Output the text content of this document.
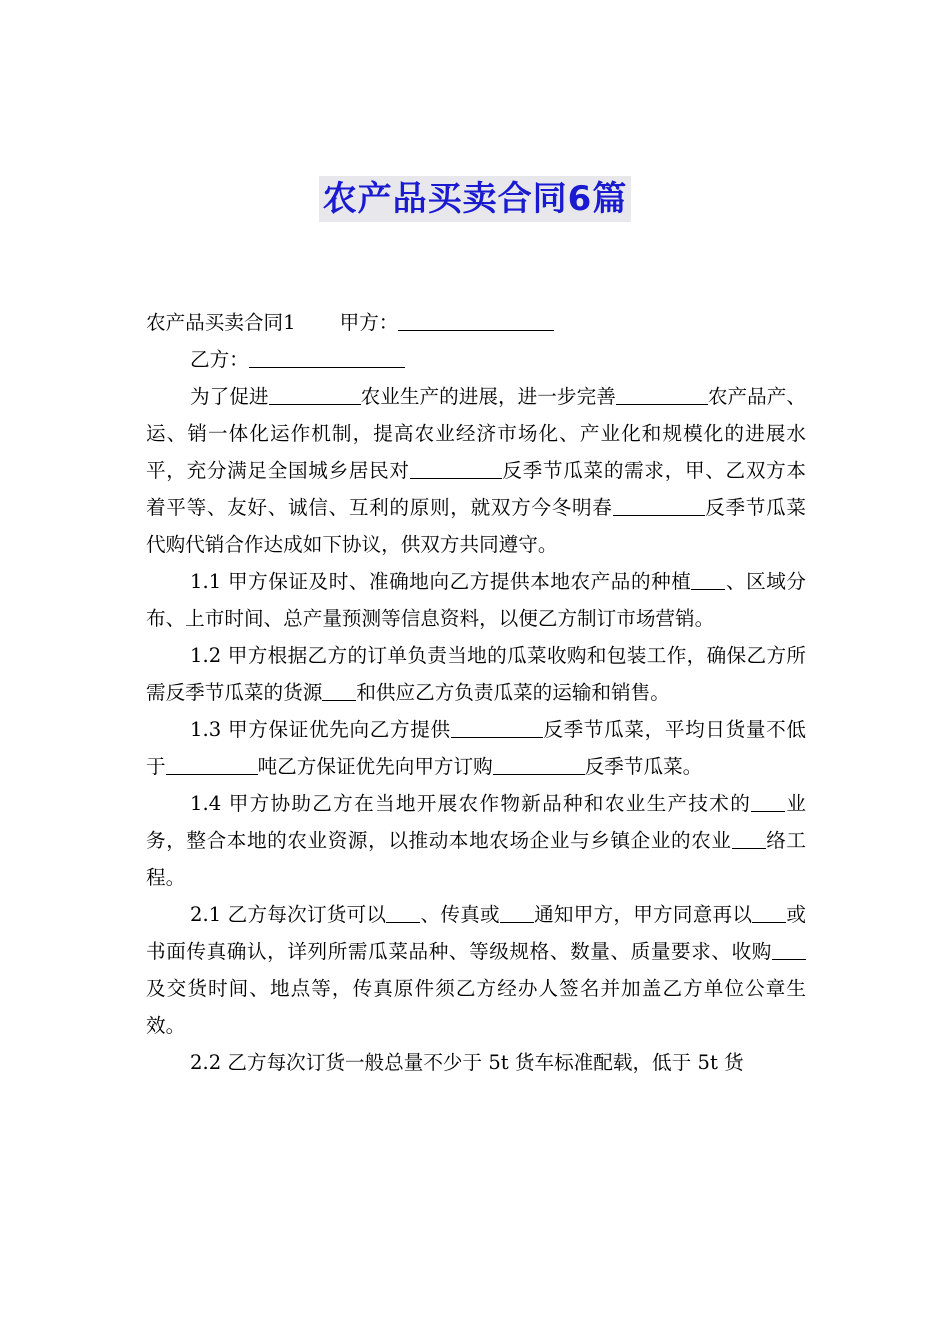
农产品买卖合同6篇

农产品买卖合同1 甲方：

乙方：

为了促进	农业生产的进展，进一步完善	农产品产、运、销一体化运作机制，提高农业经济市场化、产业化和规模化的进展水平，充分满足全国城乡居民对	反季节瓜菜的需求，甲、乙双方本着平等、友好、诚信、互利的原则，就双方今冬明春	反季节瓜菜代购代销合作达成如下协议，供双方共同遵守。

1.1 甲方保证及时、准确地向乙方提供本地农产品的种植 、区域分布、上市时间、总产量预测等信息资料，以便乙方制订市场营销。

1.2 甲方根据乙方的订单负责当地的瓜菜收购和包装工作，确保乙方所需反季节瓜菜的货源 和供应乙方负责瓜菜的运输和销售。

1.3 甲方保证优先向乙方提供	反季节瓜菜，平均日货量不低于	吨乙方保证优先向甲方订购	反季节瓜菜。

1.4 甲方协助乙方在当地开展农作物新品种和农业生产技术的 业务，整合本地的农业资源，以推动本地农场企业与乡镇企业的农业 络工程。

2.1 乙方每次订货可以 、传真或 通知甲方，甲方同意再以 或书面传真确认，详列所需瓜菜品种、等级规格、数量、质量要求、收购及交货时间、地点等，传真原件须乙方经办人签名并加盖乙方单位公章生效。

2.2 乙方每次订货一般总量不少于 5t 货车标准配载，低于 5t 货
